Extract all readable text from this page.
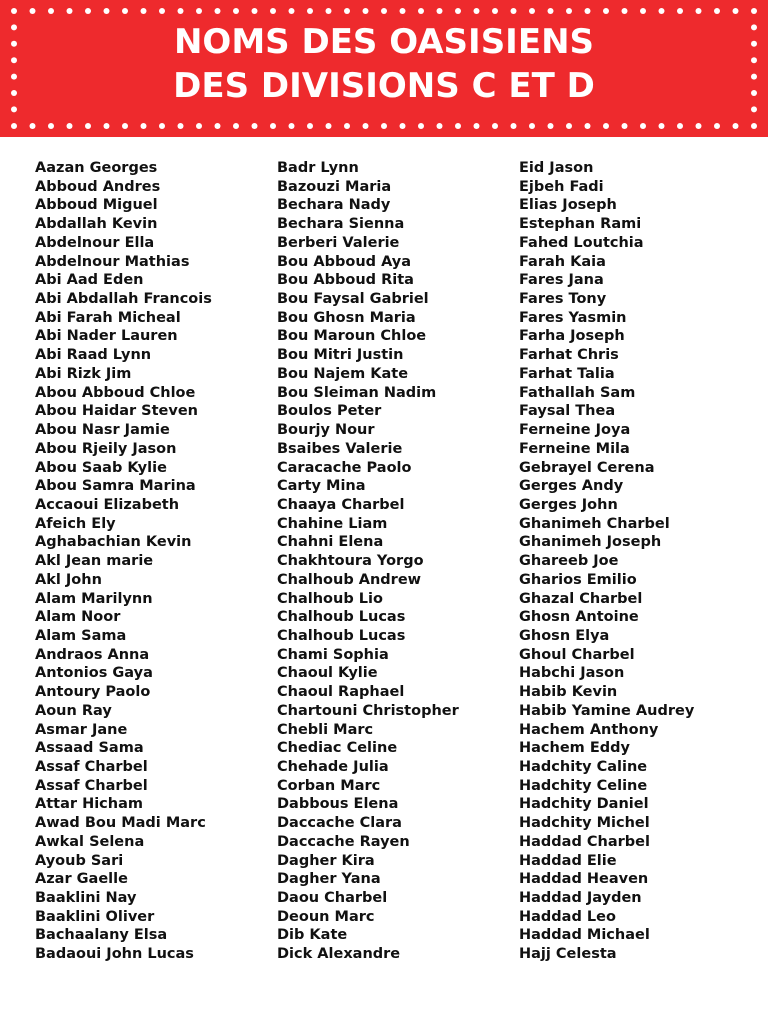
NOMS DES OASISIENS
DES DIVISIONS C ET D
Aazan Georges
Abboud Andres
Abboud Miguel
Abdallah Kevin
Abdelnour Ella
Abdelnour Mathias
Abi Aad Eden
Abi Abdallah Francois
Abi Farah Micheal
Abi Nader Lauren
Abi Raad Lynn
Abi Rizk Jim
Abou Abboud Chloe
Abou Haidar Steven
Abou Nasr Jamie
Abou Rjeily Jason
Abou Saab Kylie
Abou Samra Marina
Accaoui Elizabeth
Afeich Ely
Aghabachian Kevin
Akl Jean marie
Akl John
Alam Marilynn
Alam Noor
Alam Sama
Andraos Anna
Antonios Gaya
Antoury Paolo
Aoun Ray
Asmar Jane
Assaad Sama
Assaf Charbel
Assaf Charbel
Attar Hicham
Awad Bou Madi Marc
Awkal Selena
Ayoub Sari
Azar Gaelle
Baaklini Nay
Baaklini Oliver
Bachaalany Elsa
Badaoui John Lucas
Badr Lynn
Bazouzi Maria
Bechara Nady
Bechara Sienna
Berberi Valerie
Bou Abboud Aya
Bou Abboud Rita
Bou Faysal Gabriel
Bou Ghosn Maria
Bou Maroun Chloe
Bou Mitri Justin
Bou Najem Kate
Bou Sleiman Nadim
Boulos Peter
Bourjy Nour
Bsaibes Valerie
Caracache Paolo
Carty Mina
Chaaya Charbel
Chahine Liam
Chahni Elena
Chakhtoura Yorgo
Chalhoub Andrew
Chalhoub Lio
Chalhoub Lucas
Chalhoub Lucas
Chami Sophia
Chaoul Kylie
Chaoul Raphael
Chartouni Christopher
Chebli Marc
Chediac Celine
Chehade Julia
Corban Marc
Dabbous Elena
Daccache Clara
Daccache Rayen
Dagher Kira
Dagher Yana
Daou Charbel
Deoun Marc
Dib Kate
Dick Alexandre
Eid Jason
Ejbeh Fadi
Elias Joseph
Estephan Rami
Fahed Loutchia
Farah Kaia
Fares Jana
Fares Tony
Fares Yasmin
Farha Joseph
Farhat Chris
Farhat Talia
Fathallah Sam
Faysal Thea
Ferneine Joya
Ferneine Mila
Gebrayel Cerena
Gerges Andy
Gerges John
Ghanimeh Charbel
Ghanimeh Joseph
Ghareeb Joe
Gharios Emilio
Ghazal Charbel
Ghosn Antoine
Ghosn Elya
Ghoul Charbel
Habchi Jason
Habib Kevin
Habib Yamine Audrey
Hachem Anthony
Hachem Eddy
Hadchity Caline
Hadchity Celine
Hadchity Daniel
Hadchity Michel
Haddad Charbel
Haddad Elie
Haddad Heaven
Haddad Jayden
Haddad Leo
Haddad Michael
Hajj Celesta
